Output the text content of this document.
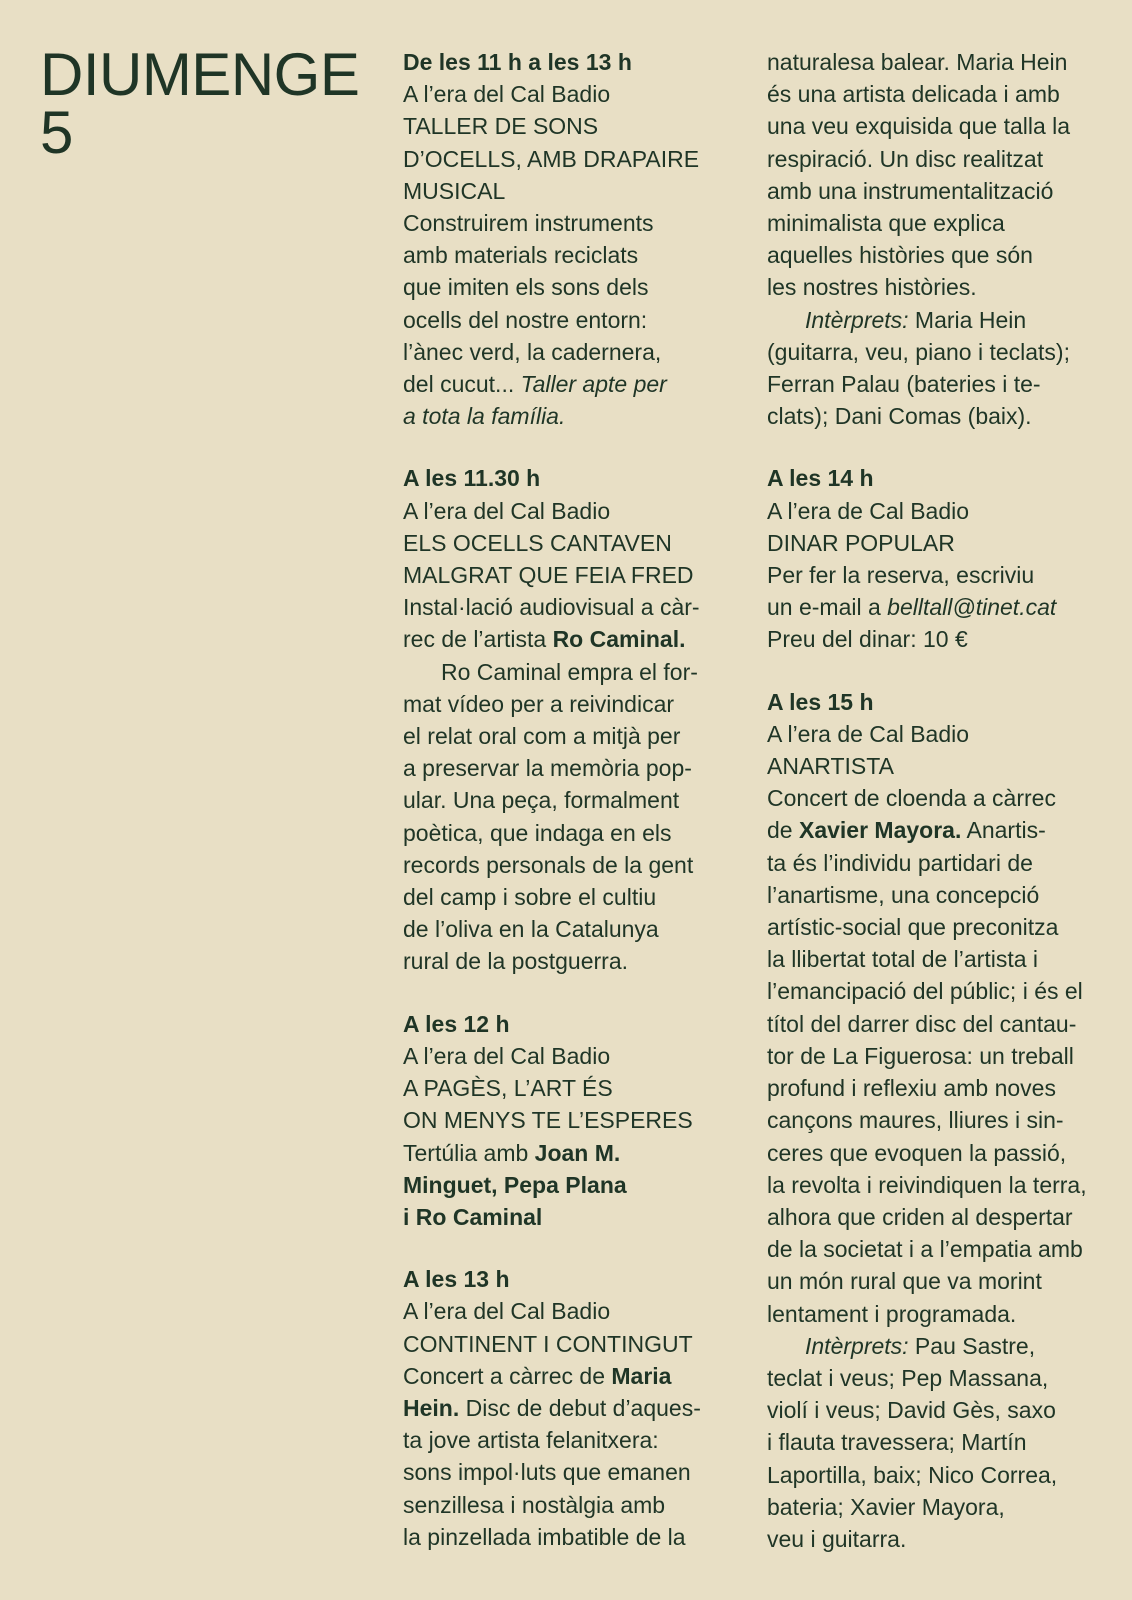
DIUMENGE
5
De les 11 h a les 13 h
A l’era del Cal Badio
TALLER DE SONS
D’OCELLS, AMB DRAPAIRE
MUSICAL
Construirem instruments
amb materials reciclats
que imiten els sons dels
ocells del nostre entorn:
l’ànec verd, la cadernera,
del cucut... Taller apte per
a tota la família.
A les 11.30 h
A l’era del Cal Badio
ELS OCELLS CANTAVEN
MALGRAT QUE FEIA FRED
Instal·lació audiovisual a càr-
rec de l’artista Ro Caminal.
Ro Caminal empra el for-
mat vídeo per a reivindicar
el relat oral com a mitjà per
a preservar la memòria pop-
ular. Una peça, formalment
poètica, que indaga en els
records personals de la gent
del camp i sobre el cultiu
de l’oliva en la Catalunya
rural de la postguerra.
A les 12 h
A l’era del Cal Badio
A PAGÈS, L’ART ÉS
ON MENYS TE L’ESPERES
Tertúlia amb Joan M.
Minguet, Pepa Plana
i Ro Caminal
A les 13 h
A l’era del Cal Badio
CONTINENT I CONTINGUT
Concert a càrrec de Maria
Hein. Disc de debut d’aques-
ta jove artista felanitxera:
sons impol·luts que emanen
senzillesa i nostàlgia amb
la pinzellada imbatible de la
naturalesa balear. Maria Hein
és una artista delicada i amb
una veu exquisida que talla la
respiració. Un disc realitzat
amb una instrumentalització
minimalista que explica
aquelles històries que són
les nostres històries.
Intèrprets: Maria Hein
(guitarra, veu, piano i teclats);
Ferran Palau (bateries i te-
clats); Dani Comas (baix).
A les 14 h
A l’era de Cal Badio
DINAR POPULAR
Per fer la reserva, escriviu
un e-mail a belltall@tinet.cat
Preu del dinar: 10 €
A les 15 h
A l’era de Cal Badio
ANARTISTA
Concert de cloenda a càrrec
de Xavier Mayora. Anartis-
ta és l’individu partidari de
l’anartisme, una concepció
artístic-social que preconitza
la llibertat total de l’artista i
l’emancipació del públic; i és el
títol del darrer disc del cantau-
tor de La Figuerosa: un treball
profund i reflexiu amb noves
cançons maures, lliures i sin-
ceres que evoquen la passió,
la revolta i reivindiquen la terra,
alhora que criden al despertar
de la societat i a l’empatia amb
un món rural que va morint
lentament i programada.
Intèrprets: Pau Sastre,
teclat i veus; Pep Massana,
violí i veus; David Gès, saxo
i flauta travessera; Martín
Laportilla, baix; Nico Correa,
bateria; Xavier Mayora,
veu i guitarra.
